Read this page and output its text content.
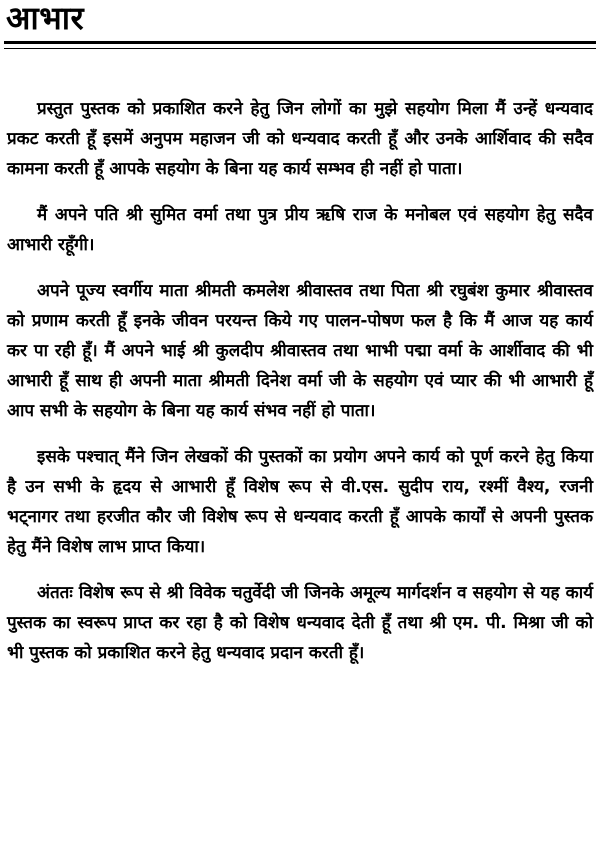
आभार

प्रस्तुत पुस्तक को प्रकाशित करने हेतु जिन लोगों का मुझे सहयोग मिला मैं उन्हें धन्यवाद प्रकट करती हूँ इसमें अनुपम महाजन जी को धन्यवाद करती हूँ और उनके आर्शिवाद की सदैव कामना करती हूँ आपके सहयोग के बिना यह कार्य सम्भव ही नहीं हो पाता।

मैं अपने पति श्री सुमित वर्मा तथा पुत्र प्रीय ऋषि राज के मनोबल एवं सहयोग हेतु सदैव आभारी रहूँगी।

अपने पूज्य स्वर्गीय माता श्रीमती कमलेश श्रीवास्तव तथा पिता श्री रघुबंश कुमार श्रीवास्तव को प्रणाम करती हूँ इनके जीवन परयन्त किये गए पालन-पोषण फल है कि मैं आज यह कार्य कर पा रही हूँ। मैं अपने भाई श्री कुलदीप श्रीवास्तव तथा भाभी पद्मा वर्मा के आर्शीवाद की भी आभारी हूँ साथ ही अपनी माता श्रीमती दिनेश वर्मा जी के सहयोग एवं प्यार की भी आभारी हूँ आप सभी के सहयोग के बिना यह कार्य संभव नहीं हो पाता।

इसके पश्चात् मैंने जिन लेखकों की पुस्तकों का प्रयोग अपने कार्य को पूर्ण करने हेतु किया है उन सभी के हृदय से आभारी हूँ विशेष रूप से वी.एस. सुदीप राय, रश्मीं वैश्य, रजनी भट्नागर तथा हरजीत कौर जी विशेष रूप से धन्यवाद करती हूँ आपके कार्यों से अपनी पुस्तक हेतु मैंने विशेष लाभ प्राप्त किया।

अंततः विशेष रूप से श्री विवेक चतुर्वेदी जी जिनके अमूल्य मार्गदर्शन व सहयोग से यह कार्य पुस्तक का स्वरूप प्राप्त कर रहा है को विशेष धन्यवाद देती हूँ तथा श्री एम. पी. मिश्रा जी को भी पुस्तक को प्रकाशित करने हेतु धन्यवाद प्रदान करती हूँ।
